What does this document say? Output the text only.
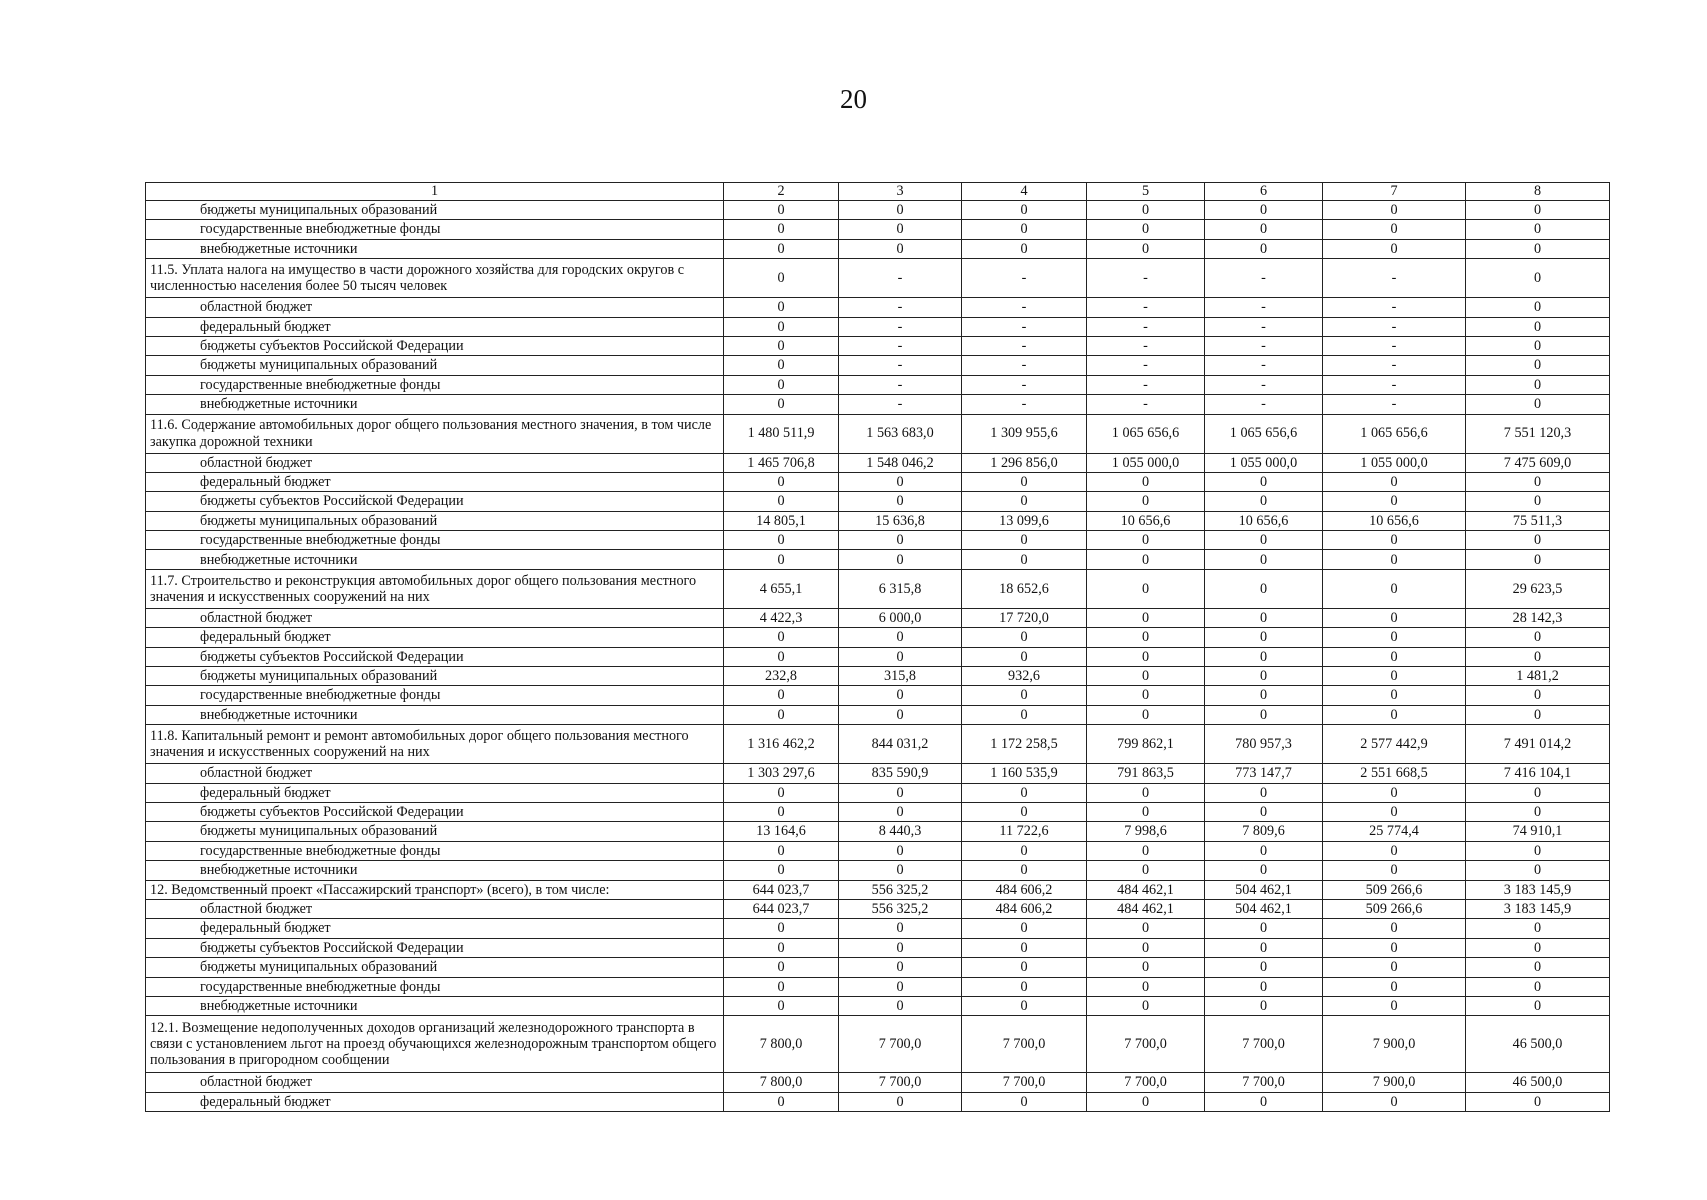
20
1	2	3	4	5	6	7	8
бюджеты муниципальных образований	0	0	0	0	0	0	0
государственные внебюджетные фонды	0	0	0	0	0	0	0
внебюджетные источники	0	0	0	0	0	0	0
11.5. Уплата налога на имущество в части дорожного хозяйства для городских округов с численностью населения более 50 тысяч человек	0	-	-	-	-	-	0
областной бюджет	0	-	-	-	-	-	0
федеральный бюджет	0	-	-	-	-	-	0
бюджеты субъектов Российской Федерации	0	-	-	-	-	-	0
бюджеты муниципальных образований	0	-	-	-	-	-	0
государственные внебюджетные фонды	0	-	-	-	-	-	0
внебюджетные источники	0	-	-	-	-	-	0
11.6. Содержание автомобильных дорог общего пользования местного значения, в том числе закупка дорожной техники	1 480 511,9	1 563 683,0	1 309 955,6	1 065 656,6	1 065 656,6	1 065 656,6	7 551 120,3
областной бюджет	1 465 706,8	1 548 046,2	1 296 856,0	1 055 000,0	1 055 000,0	1 055 000,0	7 475 609,0
федеральный бюджет	0	0	0	0	0	0	0
бюджеты субъектов Российской Федерации	0	0	0	0	0	0	0
бюджеты муниципальных образований	14 805,1	15 636,8	13 099,6	10 656,6	10 656,6	10 656,6	75 511,3
государственные внебюджетные фонды	0	0	0	0	0	0	0
внебюджетные источники	0	0	0	0	0	0	0
11.7. Строительство и реконструкция автомобильных дорог общего пользования местного значения и искусственных сооружений на них	4 655,1	6 315,8	18 652,6	0	0	0	29 623,5
областной бюджет	4 422,3	6 000,0	17 720,0	0	0	0	28 142,3
федеральный бюджет	0	0	0	0	0	0	0
бюджеты субъектов Российской Федерации	0	0	0	0	0	0	0
бюджеты муниципальных образований	232,8	315,8	932,6	0	0	0	1 481,2
государственные внебюджетные фонды	0	0	0	0	0	0	0
внебюджетные источники	0	0	0	0	0	0	0
11.8. Капитальный ремонт и ремонт автомобильных дорог общего пользования местного значения и искусственных сооружений на них	1 316 462,2	844 031,2	1 172 258,5	799 862,1	780 957,3	2 577 442,9	7 491 014,2
областной бюджет	1 303 297,6	835 590,9	1 160 535,9	791 863,5	773 147,7	2 551 668,5	7 416 104,1
федеральный бюджет	0	0	0	0	0	0	0
бюджеты субъектов Российской Федерации	0	0	0	0	0	0	0
бюджеты муниципальных образований	13 164,6	8 440,3	11 722,6	7 998,6	7 809,6	25 774,4	74 910,1
государственные внебюджетные фонды	0	0	0	0	0	0	0
внебюджетные источники	0	0	0	0	0	0	0
12. Ведомственный проект «Пассажирский транспорт» (всего), в том числе:	644 023,7	556 325,2	484 606,2	484 462,1	504 462,1	509 266,6	3 183 145,9
областной бюджет	644 023,7	556 325,2	484 606,2	484 462,1	504 462,1	509 266,6	3 183 145,9
федеральный бюджет	0	0	0	0	0	0	0
бюджеты субъектов Российской Федерации	0	0	0	0	0	0	0
бюджеты муниципальных образований	0	0	0	0	0	0	0
государственные внебюджетные фонды	0	0	0	0	0	0	0
внебюджетные источники	0	0	0	0	0	0	0
12.1. Возмещение недополученных доходов организаций железнодорожного транспорта в связи с установлением льгот на проезд обучающихся железнодорожным транспортом общего пользования в пригородном сообщении	7 800,0	7 700,0	7 700,0	7 700,0	7 700,0	7 900,0	46 500,0
областной бюджет	7 800,0	7 700,0	7 700,0	7 700,0	7 700,0	7 900,0	46 500,0
федеральный бюджет	0	0	0	0	0	0	0
